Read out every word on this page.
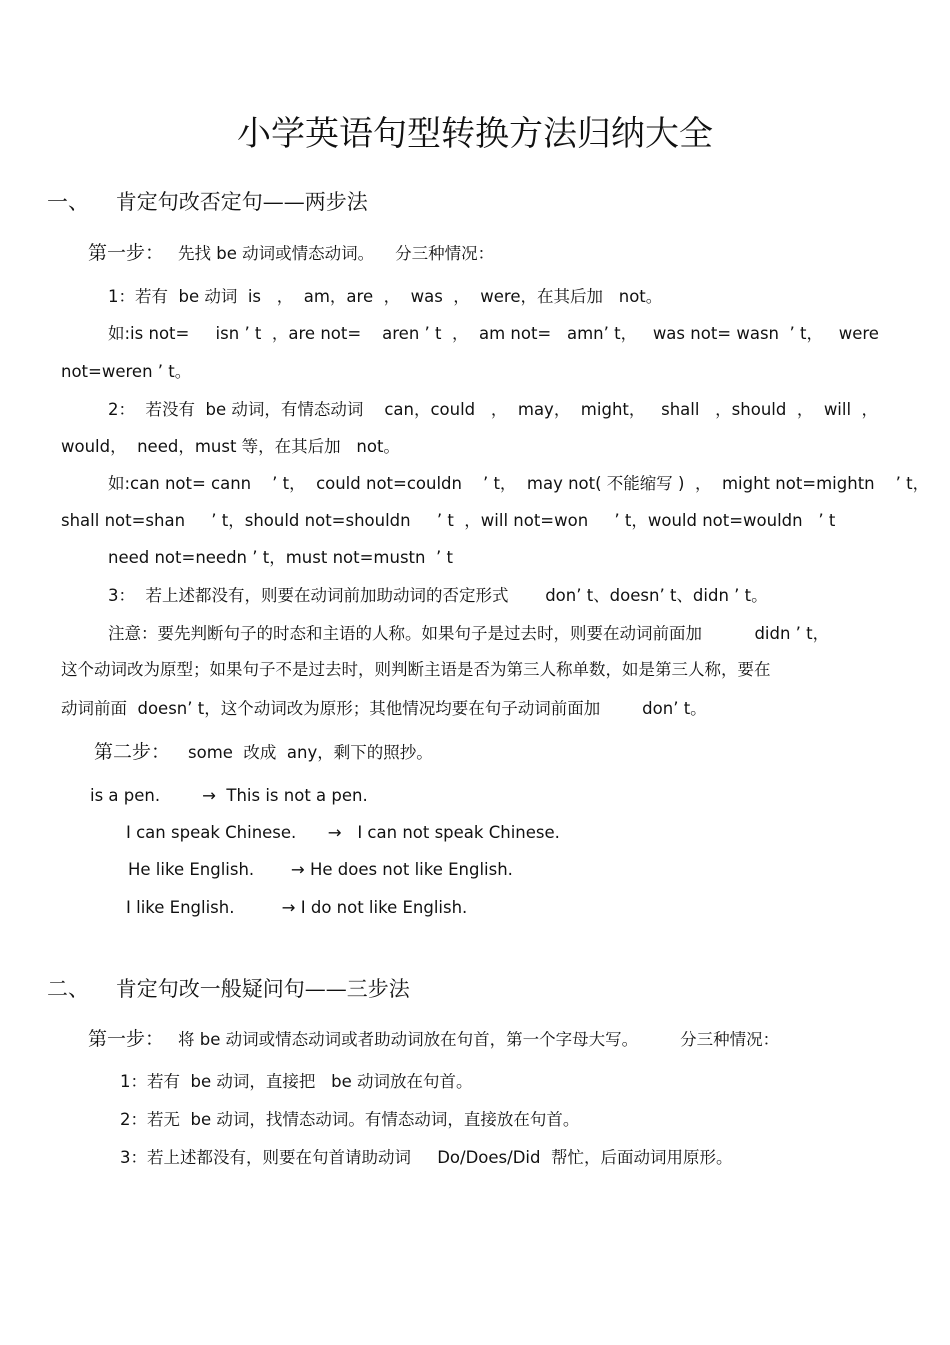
小学英语句型转换方法归纳大全
一、    肯定句改否定句——两步法
第一步： 先找 be 动词或情态动词。    分三种情况：
1：若有  be 动词  is   ，  am，are  ，  was  ，  were，在其后加   not。
如:is not=     isn ’ t  ，are not=    aren ’ t  ，  am not=   amn’ t，   was not= wasn  ’ t，   were
not=weren ’ t。
2：  若没有  be 动词，有情态动词    can，could   ，  may，  might，   shall   ，should  ，  will  ，
would，  need，must 等，在其后加   not。
如:can not= cann    ’ t，  could not=couldn    ’ t，  may not( 不能缩写 )  ，  might not=mightn    ’ t，
shall not=shan     ’ t，should not=shouldn     ’ t  ，will not=won     ’ t，would not=wouldn   ’ t
need not=needn ’ t，must not=mustn  ’ t
3：  若上述都没有，则要在动词前加助动词的否定形式       don’ t、doesn’ t、didn ’ t。
注意：要先判断句子的时态和主语的人称。如果句子是过去时，则要在动词前面加          didn ’ t，
这个动词改为原型；如果句子不是过去时，则判断主语是否为第三人称单数，如是第三人称，要在
动词前面  doesn’ t，这个动词改为原形；其他情况均要在句子动词前面加        don’ t。
第二步： some  改成  any，剩下的照抄。
is a pen.        →  This is not a pen.
I can speak Chinese.      →   I can not speak Chinese.
He like English.       → He does not like English.
I like English.         → I do not like English.
二、    肯定句改一般疑问句——三步法
第一步： 将 be 动词或情态动词或者助动词放在句首，第一个字母大写。        分三种情况：
1：若有  be 动词，直接把   be 动词放在句首。
2：若无  be 动词，找情态动词。有情态动词，直接放在句首。
3：若上述都没有，则要在句首请助动词     Do/Does/Did  帮忙，后面动词用原形。
